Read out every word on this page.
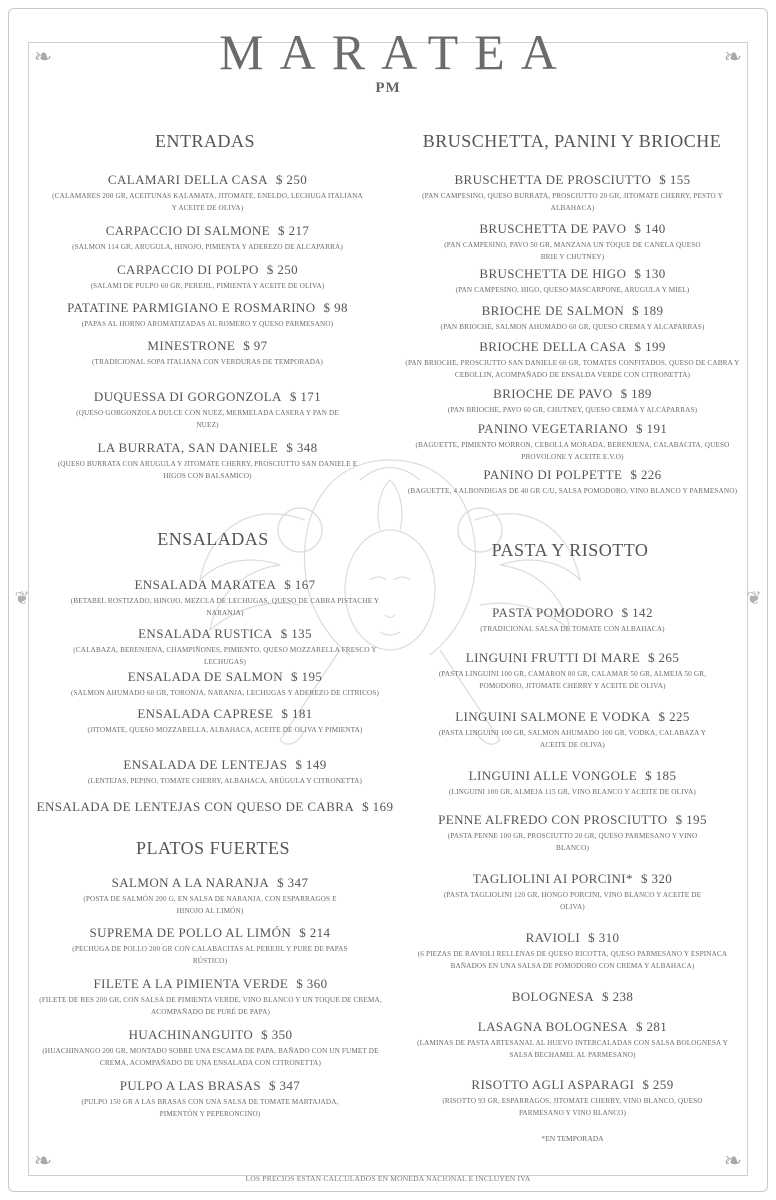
❧	❧
❧	❧
❦	❦
MARATEA
PM
ENTRADAS
CALAMARI DELLA CASA $ 250
(CALAMARES 200 GR, ACEITUNAS KALAMATA, JITOMATE, ENELDO, LECHUGA ITALIANA Y ACEITE DE OLIVA)
CARPACCIO DI SALMONE $ 217
(SALMON 114 GR, ARUGULA, HINOJO, PIMIENTA Y ADEREZO DE ALCAPARRA)
CARPACCIO DI POLPO $ 250
(SALAMI DE PULPO 60 GR, PEREJIL, PIMIENTA Y ACEITE DE OLIVA)
PATATINE PARMIGIANO E ROSMARINO $ 98
(PAPAS AL HORNO AROMATIZADAS AL ROMERO Y QUESO PARMESANO)
MINESTRONE $ 97
(TRADICIONAL SOPA ITALIANA CON VERDURAS DE TEMPORADA)
DUQUESSA DI GORGONZOLA $ 171
(QUESO GORGONZOLA DULCE CON NUEZ, MERMELADA CASERA Y PAN DE NUEZ)
LA BURRATA, SAN DANIELE $ 348
(QUESO BURRATA CON ARUGULA Y JITOMATE CHERRY, PROSCIUTTO SAN DANIELE E HIGOS CON BALSAMICO)
ENSALADAS
ENSALADA MARATEA $ 167
(BETABEL ROSTIZADO, HINOJO, MEZCLA DE LECHUGAS, QUESO DE CABRA PISTACHE Y NARANJA)
ENSALADA RUSTICA $ 135
(CALABAZA, BERENJENA, CHAMPIÑONES, PIMIENTO, QUESO MOZZARELLA FRESCO Y LECHUGAS)
ENSALADA DE SALMON $ 195
(SALMON AHUMADO 60 GR, TORONJA, NARANJA, LECHUGAS Y ADEREZO DE CITRICOS)
ENSALADA CAPRESE $ 181
(JITOMATE, QUESO MOZZARELLA, ALBAHACA, ACEITE DE OLIVA Y PIMIENTA)
ENSALADA DE LENTEJAS $ 149
(LENTEJAS, PEPINO, TOMATE CHERRY, ALBAHACA, ARÚGULA Y CITRONETTA)
ENSALADA DE LENTEJAS CON QUESO DE CABRA $ 169
PLATOS FUERTES
SALMON A LA NARANJA $ 347
(POSTA DE SALMÓN 200 G, EN SALSA DE NARANJA, CON ESPARRAGOS E HINOJO AL LIMÓN)
SUPREMA DE POLLO AL LIMÓN $ 214
(PECHUGA DE POLLO 200 GR CON CALABACITAS AL PEREJIL Y PURE DE PAPAS RÚSTICO)
FILETE A LA PIMIENTA VERDE $ 360
(FILETE DE RES 200 GR, CON SALSA DE PIMIENTA VERDE, VINO BLANCO Y UN TOQUE DE CREMA, ACOMPAÑADO DE PURÉ DE PAPA)
HUACHINANGUITO $ 350
(HUACHINANGO 200 GR, MONTADO SOBRE UNA ESCAMA DE PAPA, BAÑADO CON UN FUMET DE CREMA, ACOMPAÑADO DE UNA ENSALADA CON CITRONETTA)
PULPO A LAS BRASAS $ 347
(PULPO 150 GR A LAS BRASAS CON UNA SALSA DE TOMATE MARTAJADA, PIMENTÓN Y PEPERONCINO)
BRUSCHETTA, PANINI Y BRIOCHE
BRUSCHETTA DE PROSCIUTTO $ 155
(PAN CAMPESINO, QUESO BURRATA, PROSCIUTTO 20 GR, JITOMATE CHERRY, PESTO Y ALBAHACA)
BRUSCHETTA DE PAVO $ 140
(PAN CAMPESINO, PAVO 50 GR, MANZANA UN TOQUE DE CANELA QUESO BRIE Y CHUTNEY)
BRUSCHETTA DE HIGO $ 130
(PAN CAMPESINO, HIGO, QUESO MASCARPONE, ARUGULA Y MIEL)
BRIOCHE DE SALMON $ 189
(PAN BRIOCHE, SALMON AHUMADO 60 GR, QUESO CREMA Y ALCAPARRAS)
BRIOCHE DELLA CASA $ 199
(PAN BRIOCHE, PROSCIUTTO SAN DANIELE 60 GR, TOMATES CONFITADOS, QUESO DE CABRA Y CEBOLLIN, ACOMPAÑADO DE ENSALDA VERDE CON CITRONETTA)
BRIOCHE DE PAVO $ 189
(PAN BRIOCHE, PAVO 60 GR, CHUTNEY, QUESO CREMA Y ALCAPARRAS)
PANINO VEGETARIANO $ 191
(BAGUETTE, PIMIENTO MORRON, CEBOLLA MORADA, BERENJENA, CALABACITA, QUESO PROVOLONE Y ACEITE E.V.O)
PANINO DI POLPETTE $ 226
(BAGUETTE, 4 ALBONDIGAS DE 40 GR C/U, SALSA POMODORO, VINO BLANCO Y PARMESANO)
PASTA Y RISOTTO
PASTA POMODORO $ 142
(TRADICIONAL SALSA DE TOMATE CON ALBAHACA)
LINGUINI FRUTTI DI MARE $ 265
(PASTA LINGUINI 100 GR, CAMARON 80 GR, CALAMAR 50 GR, ALMEJA 50 GR, POMODORO, JITOMATE CHERRY Y ACEITE DE OLIVA)
LINGUINI SALMONE E VODKA $ 225
(PASTA LINGUINI 100 GR, SALMON AHUMADO 100 GR, VODKA, CALABAZA Y ACEITE DE OLIVA)
LINGUINI ALLE VONGOLE $ 185
(LINGUINI 100 GR, ALMEJA 115 GR, VINO BLANCO Y ACEITE DE OLIVA)
PENNE ALFREDO CON PROSCIUTTO $ 195
(PASTA PENNE 100 GR, PROSCIUTTO 20 GR, QUESO PARMESANO Y VINO BLANCO)
TAGLIOLINI AI PORCINI* $ 320
(PASTA TAGLIOLINI 120 GR, HONGO PORCINI, VINO BLANCO Y ACEITE DE OLIVA)
RAVIOLI $ 310
(6 PIEZAS DE RAVIOLI RELLENAS DE QUESO RICOTTA, QUESO PARMESANO Y ESPINACA BAÑADOS EN UNA SALSA DE POMODORO CON CREMA Y ALBAHACA)
BOLOGNESA $ 238
LASAGNA BOLOGNESA $ 281
(LAMINAS DE PASTA ARTESANAL AL HUEVO INTERCALADAS CON SALSA BOLOGNESA Y SALSA BECHAMEL AL PARMESANO)
RISOTTO AGLI ASPARAGI $ 259
(RISOTTO 93 GR, ESPARRAGOS, JITOMATE CHERRY, VINO BLANCO, QUESO PARMESANO Y VINO BLANCO)
*EN TEMPORADA
LOS PRECIOS ESTAN CALCULADOS EN MONEDA NACIONAL E INCLUYEN IVA
